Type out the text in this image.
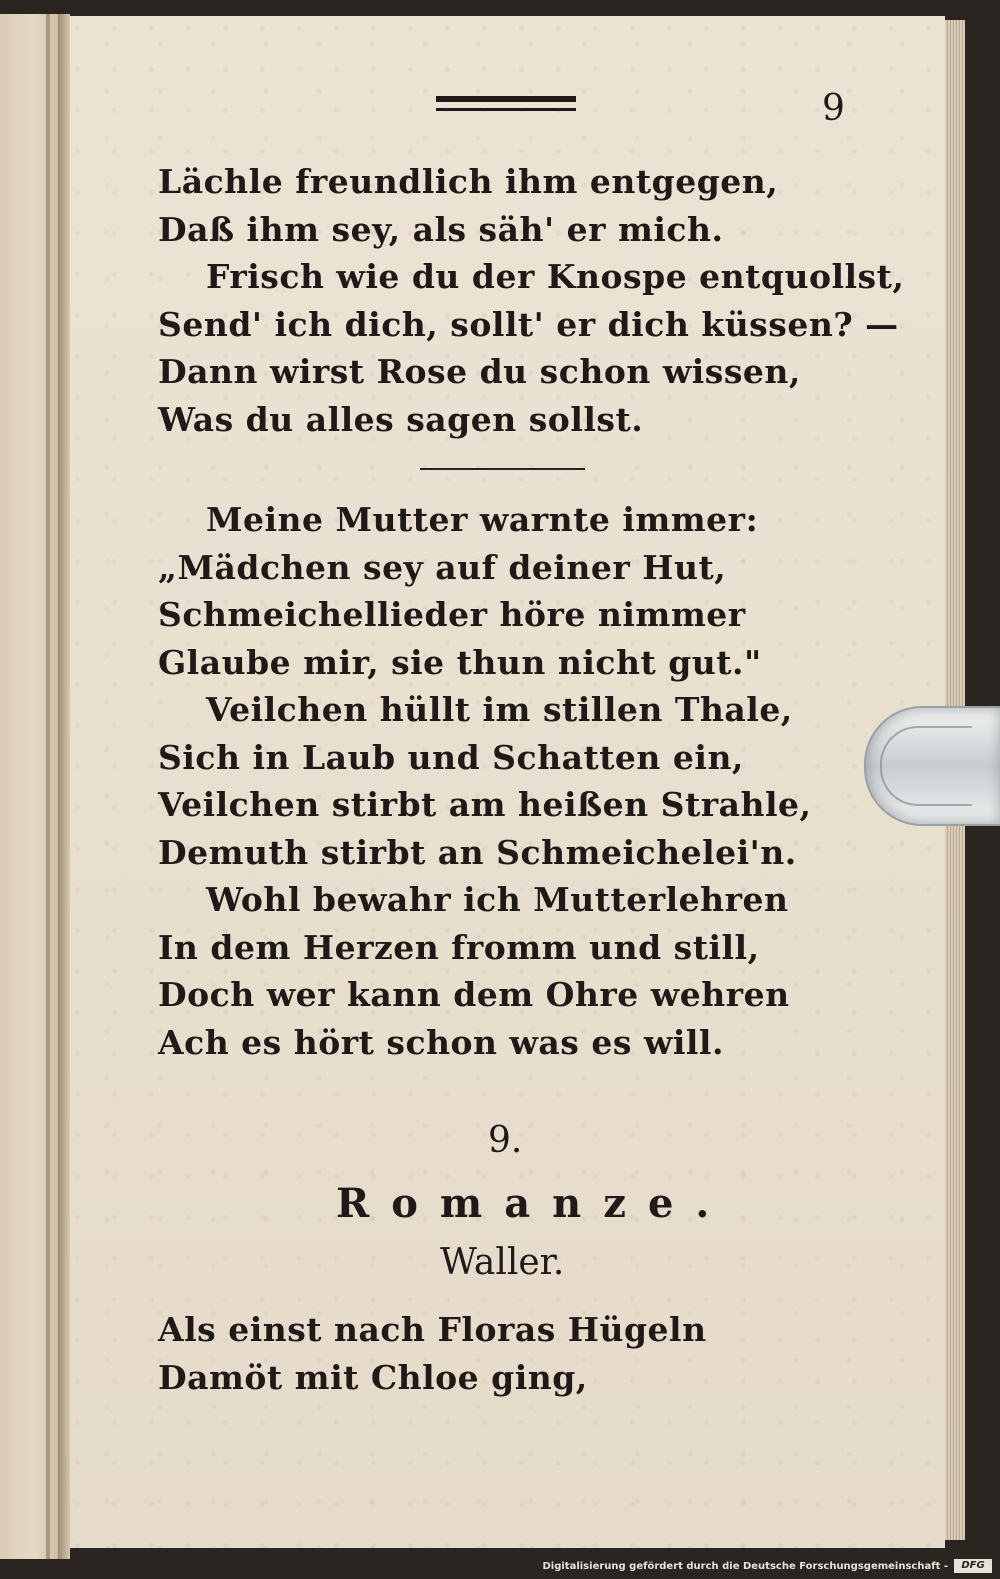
9
Lächle freundlich ihm entgegen,
Daß ihm sey, als säh' er mich.
Frisch wie du der Knospe entquollst,
Send' ich dich, sollt' er dich küssen? —
Dann wirst Rose du schon wissen,
Was du alles sagen sollst.
Meine Mutter warnte immer:
„Mädchen sey auf deiner Hut,
Schmeichellieder höre nimmer
Glaube mir, sie thun nicht gut."
Veilchen hüllt im stillen Thale,
Sich in Laub und Schatten ein,
Veilchen stirbt am heißen Strahle,
Demuth stirbt an Schmeichelei'n.
Wohl bewahr ich Mutterlehren
In dem Herzen fromm und still,
Doch wer kann dem Ohre wehren
Ach es hört schon was es will.
9.
Romanze.
Waller.
Als einst nach Floras Hügeln
Damöt mit Chloe ging,
Digitalisierung gefördert durch die Deutsche Forschungsgemeinschaft -	DFG
